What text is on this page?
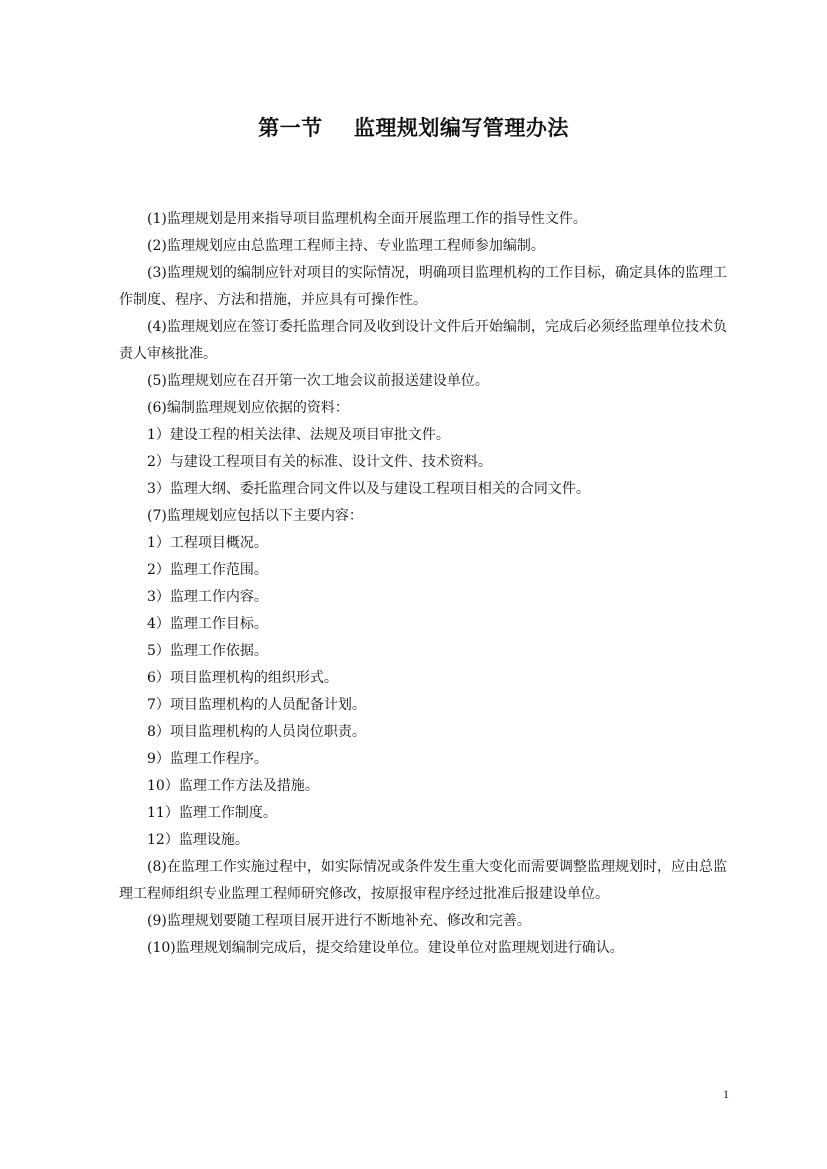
第一节    监理规划编写管理办法

(1)监理规划是用来指导项目监理机构全面开展监理工作的指导性文件。

(2)监理规划应由总监理工程师主持、专业监理工程师参加编制。

(3)监理规划的编制应针对项目的实际情况，明确项目监理机构的工作目标，确定具体的监理工作制度、程序、方法和措施，并应具有可操作性。

(4)监理规划应在签订委托监理合同及收到设计文件后开始编制，完成后必须经监理单位技术负责人审核批准。

(5)监理规划应在召开第一次工地会议前报送建设单位。

(6)编制监理规划应依据的资料：

1）建设工程的相关法律、法规及项目审批文件。

2）与建设工程项目有关的标准、设计文件、技术资料。

3）监理大纲、委托监理合同文件以及与建设工程项目相关的合同文件。

(7)监理规划应包括以下主要内容：

1）工程项目概况。

2）监理工作范围。

3）监理工作内容。

4）监理工作目标。

5）监理工作依据。

6）项目监理机构的组织形式。

7）项目监理机构的人员配备计划。

8）项目监理机构的人员岗位职责。

9）监理工作程序。

10）监理工作方法及措施。

11）监理工作制度。

12）监理设施。

(8)在监理工作实施过程中，如实际情况或条件发生重大变化而需要调整监理规划时，应由总监理工程师组织专业监理工程师研究修改，按原报审程序经过批准后报建设单位。

(9)监理规划要随工程项目展开进行不断地补充、修改和完善。

(10)监理规划编制完成后，提交给建设单位。建设单位对监理规划进行确认。

1
